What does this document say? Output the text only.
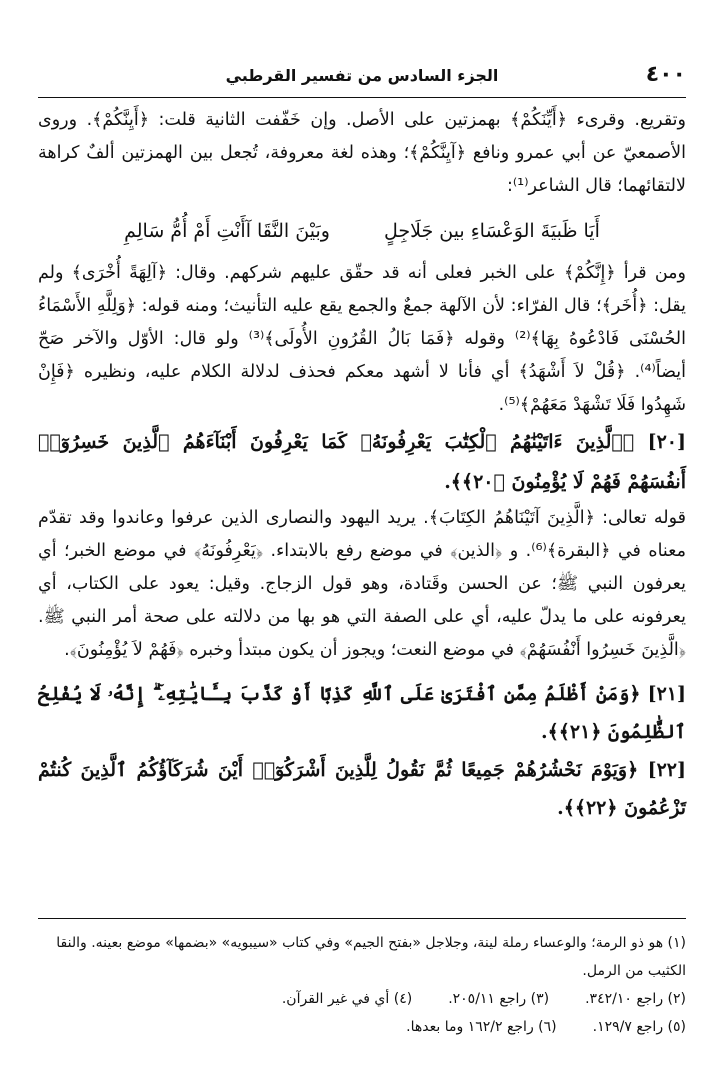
٤٠٠
الجزء السادس من تفسير القرطبي

وتقريع. وقرىء ﴿أَيِّنَكُمْ﴾ بهمزتين على الأصل. وإن خَفّفت الثانية قلت: ﴿أَيِنَّكُمْ﴾. وروى الأصمعيّ عن أبي عمرو ونافع ﴿آيِنَّكُمْ﴾؛ وهذه لغة معروفة، تُجعل بين الهمزتين ألفٌ كراهة لالتقائهما؛ قال الشاعر⁽¹⁾:

أَيَا ظَبيَةَ الوَعْسَاءِ بين جَلَاجِلٍ وبَيْنَ النَّقَا آأَنْتِ أَمْ أُمُّ سَالِمِ

ومن قرأ ﴿إِنَّكُمْ﴾ على الخبر فعلى أنه قد حقّق عليهم شركهم. وقال: ﴿آلِهَةً أُخْرَى﴾ ولم يقل: ﴿أُخَر﴾؛ قال الفرّاء: لأن الآلهة جمعٌ والجمع يقع عليه التأنيث؛ ومنه قوله: ﴿وَلِلَّهِ الأَسْمَاءُ الحُسْنَى فَادْعُوهُ بِهَا﴾⁽²⁾ وقوله ﴿فَمَا بَالُ القُرُونِ الأُولَى﴾⁽³⁾ ولو قال: الأوّل والآخر صَحّ أيضاً⁽⁴⁾. ﴿قُلْ لاَ أَشْهَدُ﴾ أي فأنا لا أشهد معكم فحذف لدلالة الكلام عليه، ونظيره ﴿فَإِنْ شَهِدُوا فَلَا تَشْهَدْ مَعَهُمْ﴾⁽⁵⁾.

[٢٠] ﴿ٱلَّذِينَ ءَاتَيْنَٰهُمُ ٱلْكِتَٰبَ يَعْرِفُونَهُۥ كَمَا يَعْرِفُونَ أَبْنَآءَهُمُ ٱلَّذِينَ خَسِرُوٓا۟ أَنفُسَهُمْ فَهُمْ لَا يُؤْمِنُونَ ﴿٢٠﴾﴾.

قوله تعالى: ﴿الَّذِينَ آتَيْنَاهُمُ الكِتَابَ﴾. يريد اليهود والنصارى الذين عرفوا وعاندوا وقد تقدّم معناه في ﴿البقرة﴾⁽⁶⁾. و ﴿الذين﴾ في موضع رفع بالابتداء. ﴿يَعْرِفُونَهُ﴾ في موضع الخبر؛ أي يعرفون النبي ﷺ؛ عن الحسن وقَتادة، وهو قول الزجاج. وقيل: يعود على الكتاب، أي يعرفونه على ما يدلّ عليه، أي على الصفة التي هو بها من دلالته على صحة أمر النبي ﷺ. ﴿الَّذِينَ خَسِرُوا أَنْفُسَهُمْ﴾ في موضع النعت؛ ويجوز أن يكون مبتدأ وخبره ﴿فَهُمْ لاَ يُؤْمِنُونَ﴾.

[٢١] ﴿وَمَنْ أَظْلَمُ مِمَّنِ ٱفْتَرَىٰ عَلَى ٱللَّهِ كَذِبًا أَوْ كَذَّبَ بِـَٔايَٰتِهِۦٓ ۗ إِنَّهُۥ لَا يُفْلِحُ ٱلظَّٰلِمُونَ ﴿٢١﴾﴾.

[٢٢] ﴿وَيَوْمَ نَحْشُرُهُمْ جَمِيعًا ثُمَّ نَقُولُ لِلَّذِينَ أَشْرَكُوٓا۟ أَيْنَ شُرَكَآؤُكُمُ ٱلَّذِينَ كُنتُمْ تَزْعُمُونَ ﴿٢٢﴾﴾.

(١) هو ذو الرمة؛ والوعساء رملة لينة، وجلاجل «بفتح الجيم» وفي كتاب «سيبويه» «بضمها» موضع بعينه. والنقا الكثيب من الرمل.

(٢) راجع ٣٤٢/١٠.
(٣) راجع ٢٠٥/١١.
(٤) أي في غير القرآن.
(٥) راجع ١٢٩/٧.
(٦) راجع ١٦٢/٢ وما بعدها.
